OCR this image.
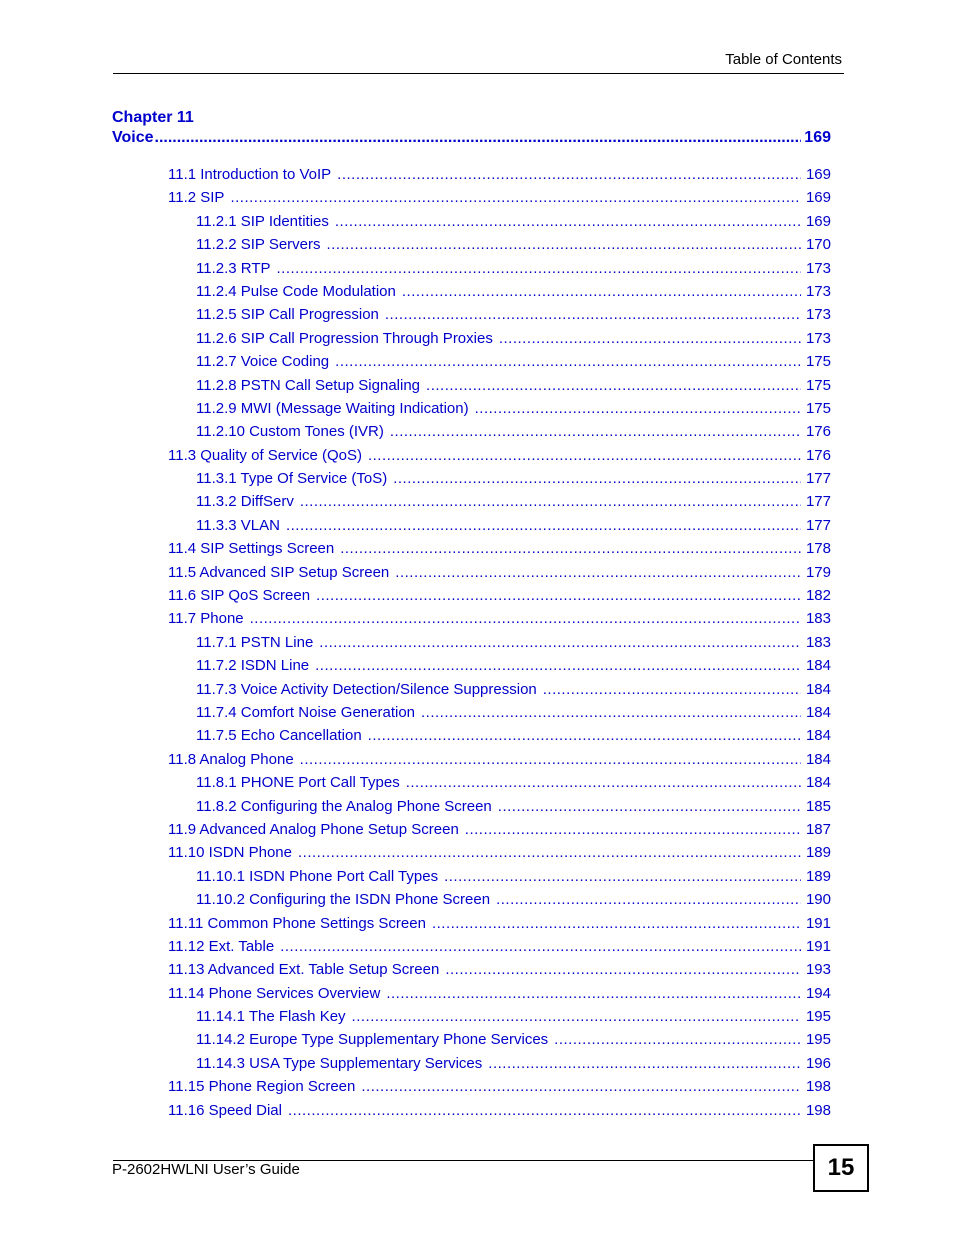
Table of Contents
Chapter 11
Voice .....	169
11.1 Introduction to VoIP .....	169
11.2 SIP .....	169
11.2.1 SIP Identities .....	169
11.2.2 SIP Servers .....	170
11.2.3 RTP .....	173
11.2.4 Pulse Code Modulation .....	173
11.2.5 SIP Call Progression .....	173
11.2.6 SIP Call Progression Through Proxies .....	173
11.2.7 Voice Coding .....	175
11.2.8 PSTN Call Setup Signaling .....	175
11.2.9 MWI (Message Waiting Indication) .....	175
11.2.10 Custom Tones (IVR) .....	176
11.3 Quality of Service (QoS) .....	176
11.3.1 Type Of Service (ToS) .....	177
11.3.2 DiffServ .....	177
11.3.3 VLAN .....	177
11.4 SIP Settings Screen .....	178
11.5 Advanced SIP Setup Screen .....	179
11.6 SIP QoS Screen .....	182
11.7 Phone .....	183
11.7.1 PSTN Line .....	183
11.7.2 ISDN Line .....	184
11.7.3 Voice Activity Detection/Silence Suppression .....	184
11.7.4 Comfort Noise Generation .....	184
11.7.5 Echo Cancellation .....	184
11.8 Analog Phone .....	184
11.8.1 PHONE Port Call Types .....	184
11.8.2 Configuring the Analog Phone Screen .....	185
11.9 Advanced Analog Phone Setup Screen .....	187
11.10 ISDN Phone .....	189
11.10.1 ISDN Phone Port Call Types .....	189
11.10.2 Configuring the ISDN Phone Screen .....	190
11.11 Common Phone Settings Screen .....	191
11.12 Ext. Table .....	191
11.13 Advanced Ext. Table Setup Screen .....	193
11.14 Phone Services Overview .....	194
11.14.1 The Flash Key .....	195
11.14.2 Europe Type Supplementary Phone Services .....	195
11.14.3 USA Type Supplementary Services .....	196
11.15 Phone Region Screen .....	198
11.16 Speed Dial .....	198
P-2602HWLNI User’s Guide	15
